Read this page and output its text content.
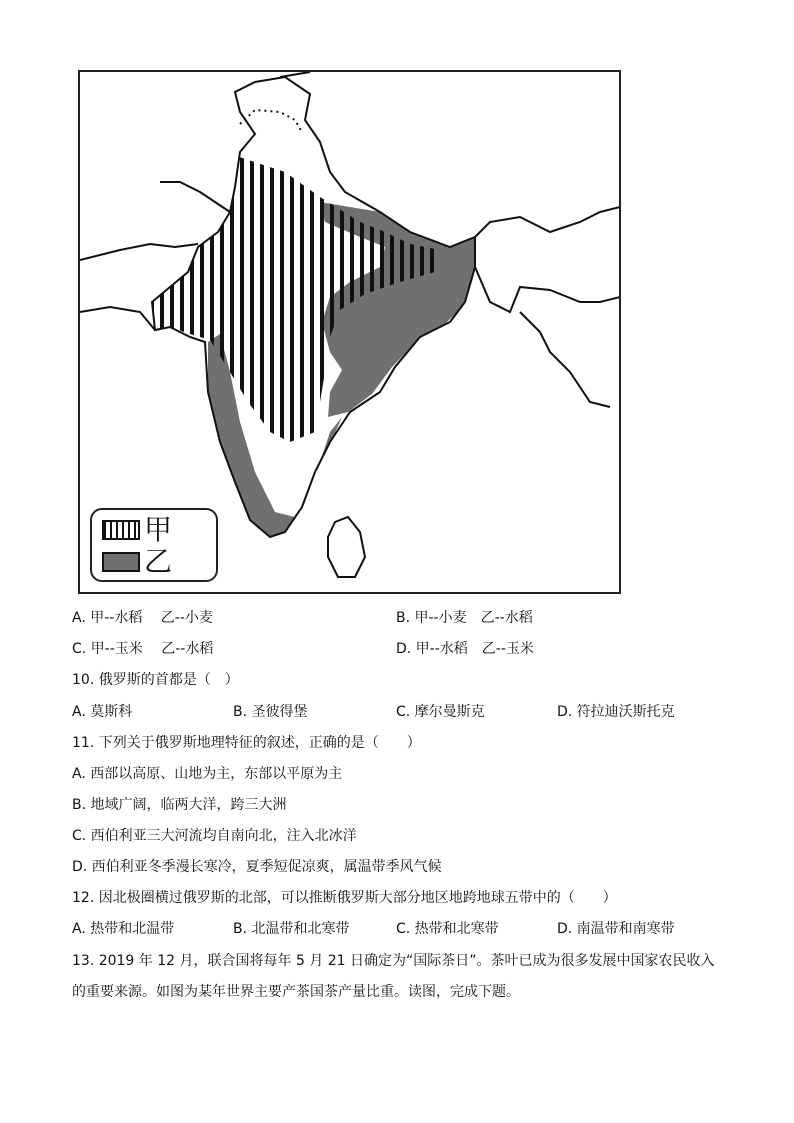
甲
乙
A. 甲--水稻　 乙--小麦	B. 甲--小麦　乙--水稻
C. 甲--玉米　 乙--水稻	D. 甲--水稻　乙--玉米
10. 俄罗斯的首都是（　）
A. 莫斯科	B. 圣彼得堡	C. 摩尔曼斯克	D. 符拉迪沃斯托克
11. 下列关于俄罗斯地理特征的叙述，正确的是（　　）
A. 西部以高原、山地为主，东部以平原为主
B. 地域广阔，临两大洋，跨三大洲
C. 西伯利亚三大河流均自南向北，注入北冰洋
D. 西伯利亚冬季漫长寒冷，夏季短促凉爽，属温带季风气候
12. 因北极圈横过俄罗斯的北部，可以推断俄罗斯大部分地区地跨地球五带中的（　　）
A. 热带和北温带	B. 北温带和北寒带	C. 热带和北寒带	D. 南温带和南寒带
13. 2019 年 12 月，联合国将每年 5 月 21 日确定为“国际茶日”。茶叶已成为很多发展中国家农民收入的重要来源。如图为某年世界主要产茶国茶产量比重。读图，完成下题。
